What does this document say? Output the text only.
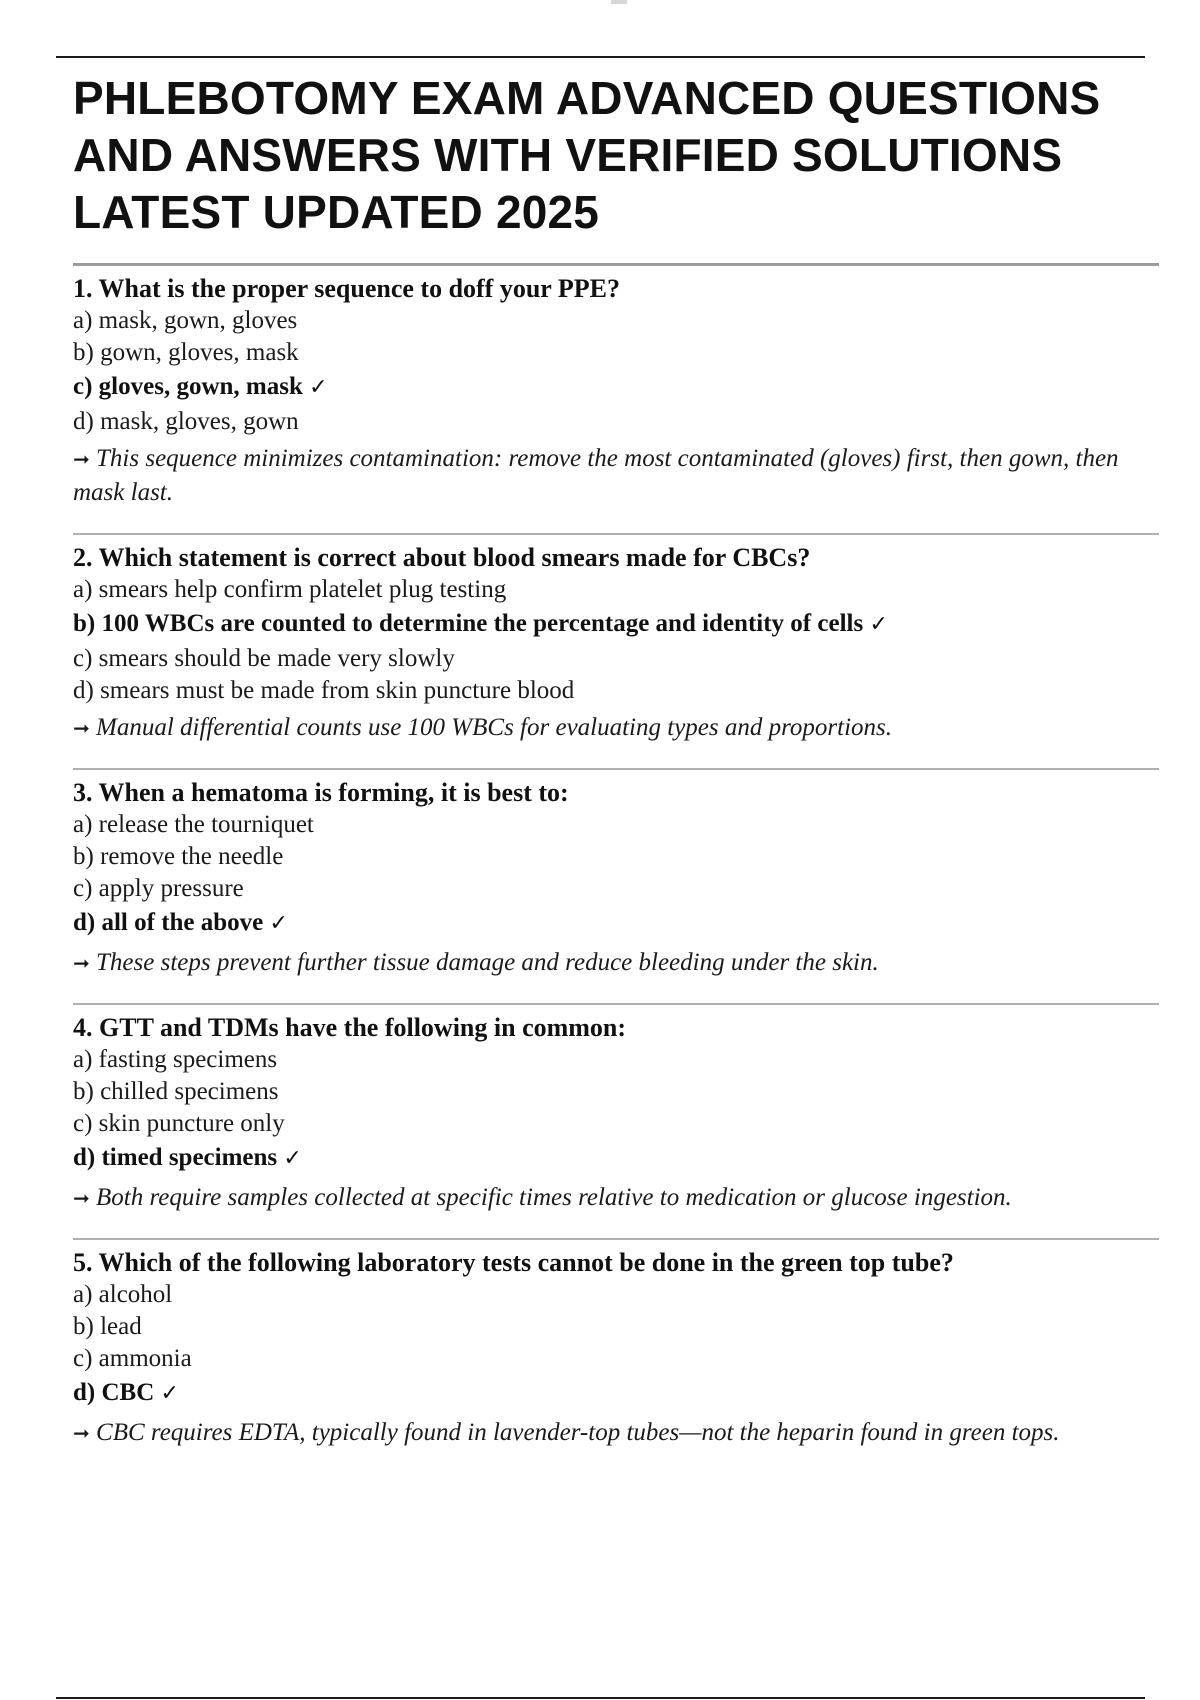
PHLEBOTOMY EXAM ADVANCED QUESTIONS AND ANSWERS WITH VERIFIED SOLUTIONS LATEST UPDATED 2025

1. What is the proper sequence to doff your PPE?

a) mask, gown, gloves

b) gown, gloves, mask

c) gloves, gown, mask ✓

d) mask, gloves, gown

➞ This sequence minimizes contamination: remove the most contaminated (gloves) first, then gown, then mask last.

2. Which statement is correct about blood smears made for CBCs?

a) smears help confirm platelet plug testing

b) 100 WBCs are counted to determine the percentage and identity of cells ✓

c) smears should be made very slowly

d) smears must be made from skin puncture blood

➞ Manual differential counts use 100 WBCs for evaluating types and proportions.

3. When a hematoma is forming, it is best to:

a) release the tourniquet

b) remove the needle

c) apply pressure

d) all of the above ✓

➞ These steps prevent further tissue damage and reduce bleeding under the skin.

4. GTT and TDMs have the following in common:

a) fasting specimens

b) chilled specimens

c) skin puncture only

d) timed specimens ✓

➞ Both require samples collected at specific times relative to medication or glucose ingestion.

5. Which of the following laboratory tests cannot be done in the green top tube?

a) alcohol

b) lead

c) ammonia

d) CBC ✓

➞ CBC requires EDTA, typically found in lavender-top tubes—not the heparin found in green tops.
